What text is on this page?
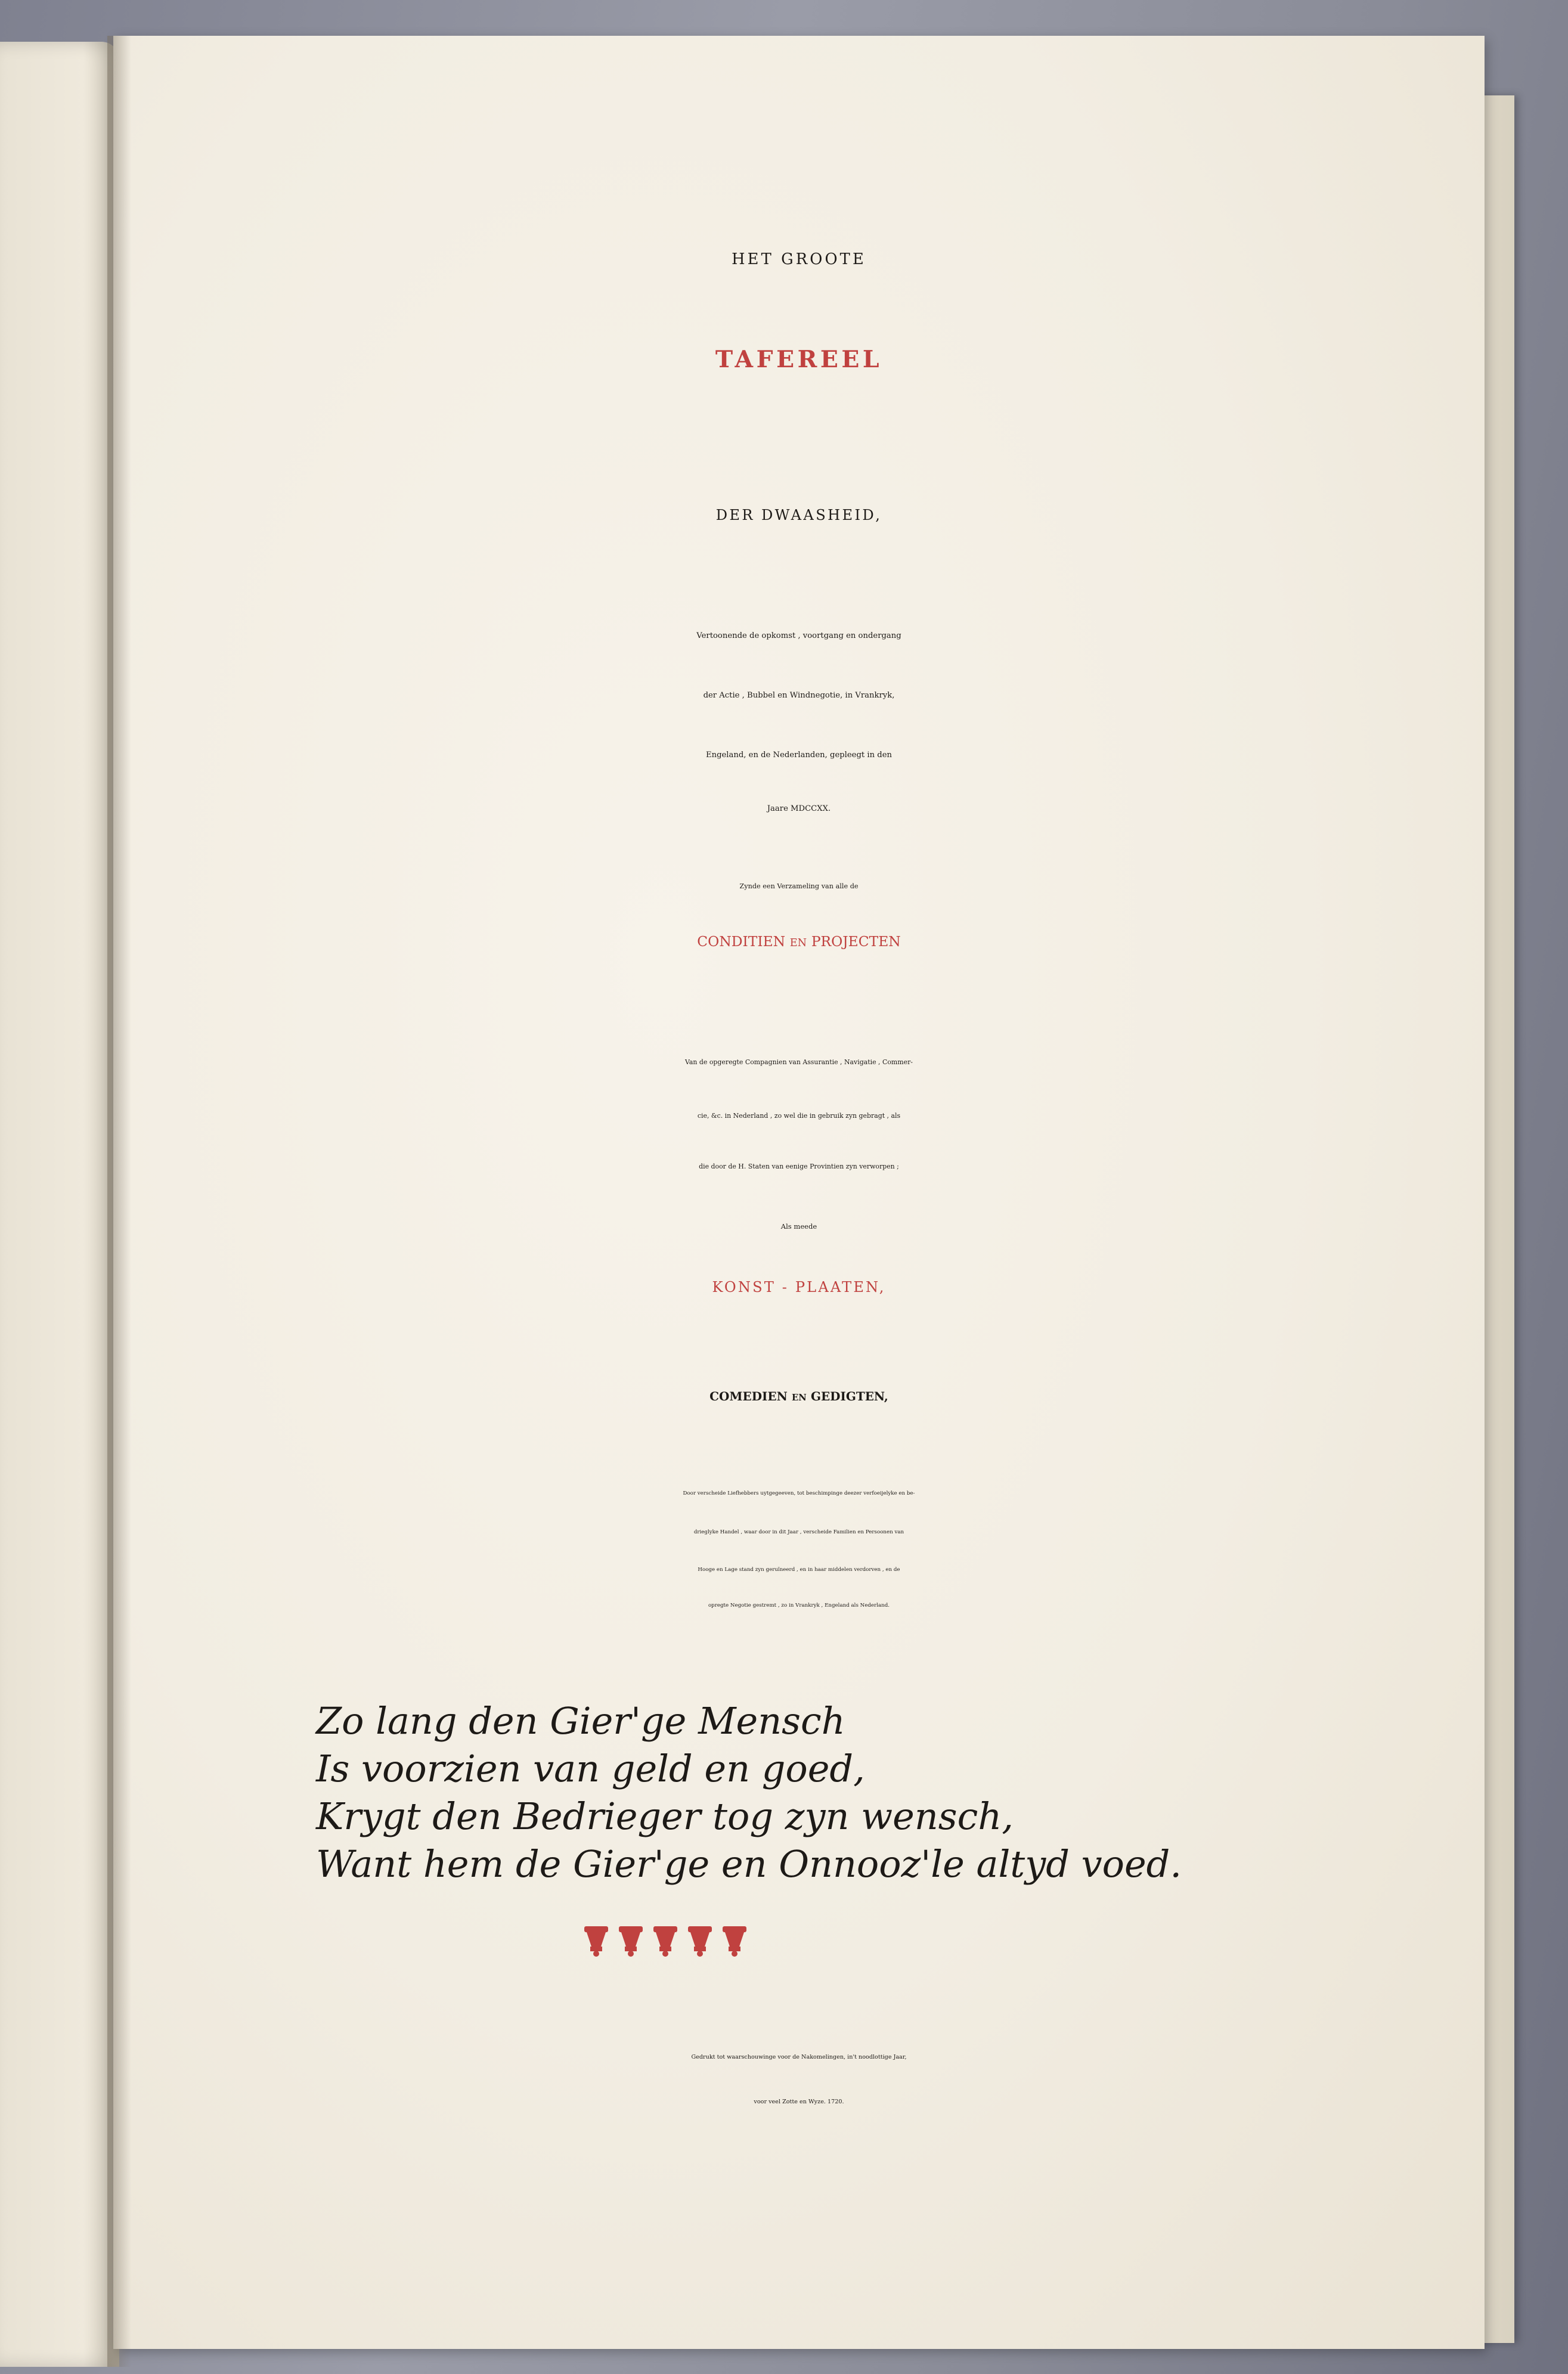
HET GROOTE

TAFEREEL

DER DWAASHEID,

Vertoonende de opkomst , voortgang en ondergang

der Actie , Bubbel en Windnegotie, in Vrankryk,

Engeland, en de Nederlanden, gepleegt in den

Jaare MDCCXX.

Zynde een Verzameling van alle de

CONDITIEN EN PROJECTEN

Van de opgeregte Compagnien van Assurantie , Navigatie , Commer-

cie, &c. in Nederland , zo wel die in gebruik zyn gebragt , als

die door de H. Staten van eenige Provintien zyn verworpen ;

Als meede

KONST - PLAATEN,

COMEDIEN EN GEDIGTEN,

Door verscheide Liefhebbers uytgegeeven, tot beschimpinge deezer verfoeijelyke en be-

drieglyke Handel , waar door in dit Jaar , verscheide Familien en Persoonen van

Hooge en Lage stand zyn geruïneerd , en in haar middelen verdorven , en de

opregte Negotie gestremt , zo in Vrankryk , Engeland als Nederland.

Zo lang den Gier'ge Mensch

Is voorzien van geld en goed,

Krygt den Bedrieger tog zyn wensch,

Want hem de Gier'ge en Onnooz'le altyd voed.

Gedrukt tot waarschouwinge voor de Nakomelingen, in't noodlottige Jaar,

voor veel Zotte en Wyze. 1720.
